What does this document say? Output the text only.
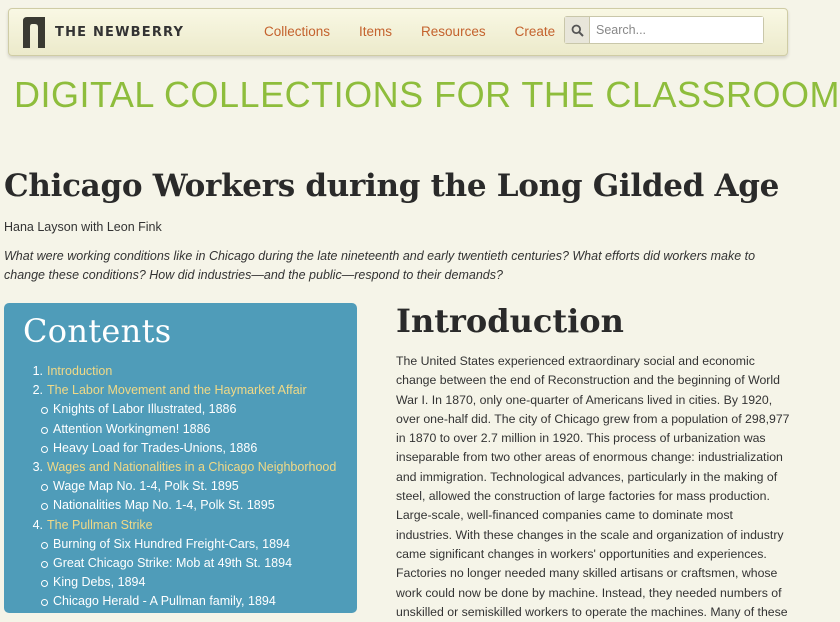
THE NEWBERRY	Collections Items Resources Create
Search...
DIGITAL COLLECTIONS FOR THE CLASSROOM
Chicago Workers during the Long Gilded Age
Hana Layson with Leon Fink

What were working conditions like in Chicago during the late nineteenth and early twentieth centuries? What efforts did workers make to change these conditions? How did industries—and the public—respond to their demands?

Contents
1. Introduction
2. The Labor Movement and the Haymarket Affair
Knights of Labor Illustrated, 1886
Attention Workingmen! 1886
Heavy Load for Trades-Unions, 1886
3. Wages and Nationalities in a Chicago Neighborhood
Wage Map No. 1-4, Polk St. 1895
Nationalities Map No. 1-4, Polk St. 1895
4. The Pullman Strike
Burning of Six Hundred Freight-Cars, 1894
Great Chicago Strike: Mob at 49th St. 1894
King Debs, 1894
Chicago Herald - A Pullman family, 1894
Introduction

The United States experienced extraordinary social and economic change between the end of Reconstruction and the beginning of World War I. In 1870, only one-quarter of Americans lived in cities. By 1920, over one-half did. The city of Chicago grew from a population of 298,977 in 1870 to over 2.7 million in 1920. This process of urbanization was inseparable from two other areas of enormous change: industrialization and immigration. Technological advances, particularly in the making of steel, allowed the construction of large factories for mass production. Large-scale, well-financed companies came to dominate most industries. With these changes in the scale and organization of industry came significant changes in workers' opportunities and experiences. Factories no longer needed many skilled artisans or craftsmen, whose work could now be done by machine. Instead, they needed numbers of unskilled or semiskilled workers to operate the machines. Many of these
